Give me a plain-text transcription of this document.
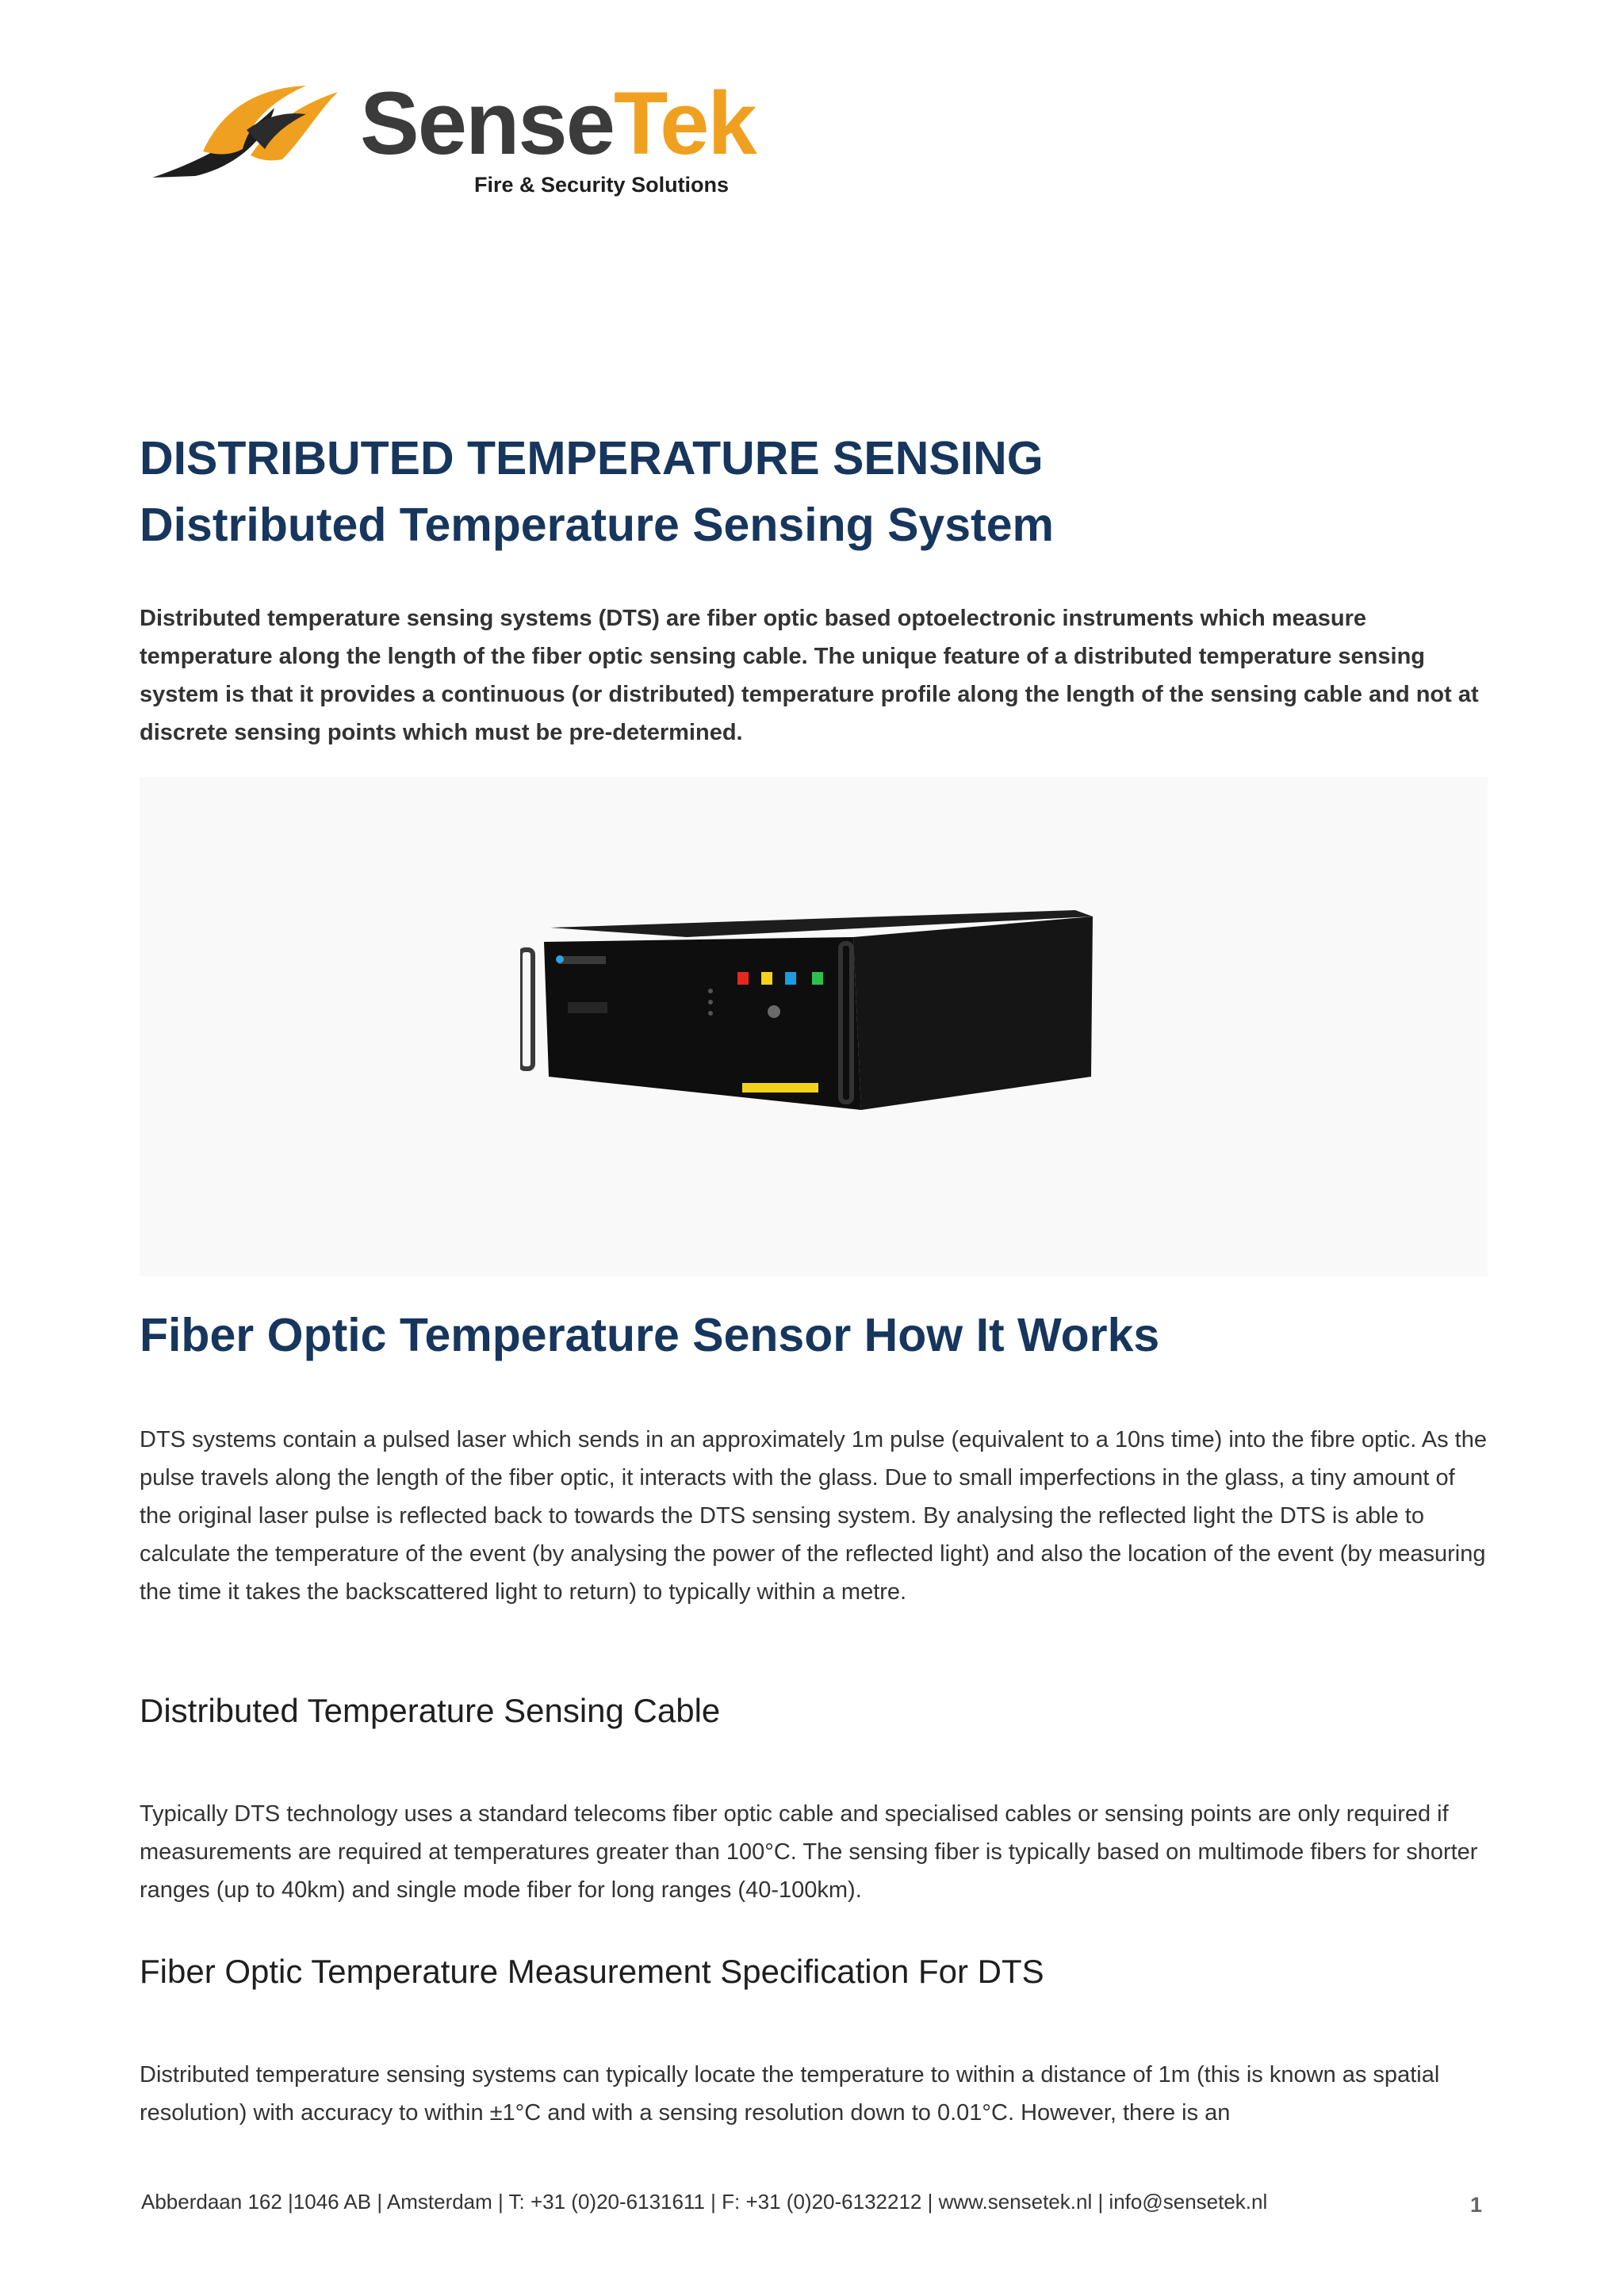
SenseTek
Fire & Security Solutions
DISTRIBUTED TEMPERATURE SENSING
Distributed Temperature Sensing System

Distributed temperature sensing systems (DTS) are fiber optic based optoelectronic instruments which measure temperature along the length of the fiber optic sensing cable. The unique feature of a distributed temperature sensing system is that it provides a continuous (or distributed) temperature profile along the length of the sensing cable and not at discrete sensing points which must be pre-determined.

Fiber Optic Temperature Sensor How It Works

DTS systems contain a pulsed laser which sends in an approximately 1m pulse (equivalent to a 10ns time) into the fibre optic. As the pulse travels along the length of the fiber optic, it interacts with the glass. Due to small imperfections in the glass, a tiny amount of the original laser pulse is reflected back to towards the DTS sensing system. By analysing the reflected light the DTS is able to calculate the temperature of the event (by analysing the power of the reflected light) and also the location of the event (by measuring the time it takes the backscattered light to return) to typically within a metre.

Distributed Temperature Sensing Cable

Typically DTS technology uses a standard telecoms fiber optic cable and specialised cables or sensing points are only required if measurements are required at temperatures greater than 100°C. The sensing fiber is typically based on multimode fibers for shorter ranges (up to 40km) and single mode fiber for long ranges (40-100km).

Fiber Optic Temperature Measurement Specification For DTS

Distributed temperature sensing systems can typically locate the temperature to within a distance of 1m (this is known as spatial resolution) with accuracy to within ±1°C and with a sensing resolution down to 0.01°C. However, there is an

Abberdaan 162 |1046 AB | Amsterdam | T: +31 (0)20-6131611 | F: +31 (0)20-6132212 | www.sensetek.nl | info@sensetek.nl	1
